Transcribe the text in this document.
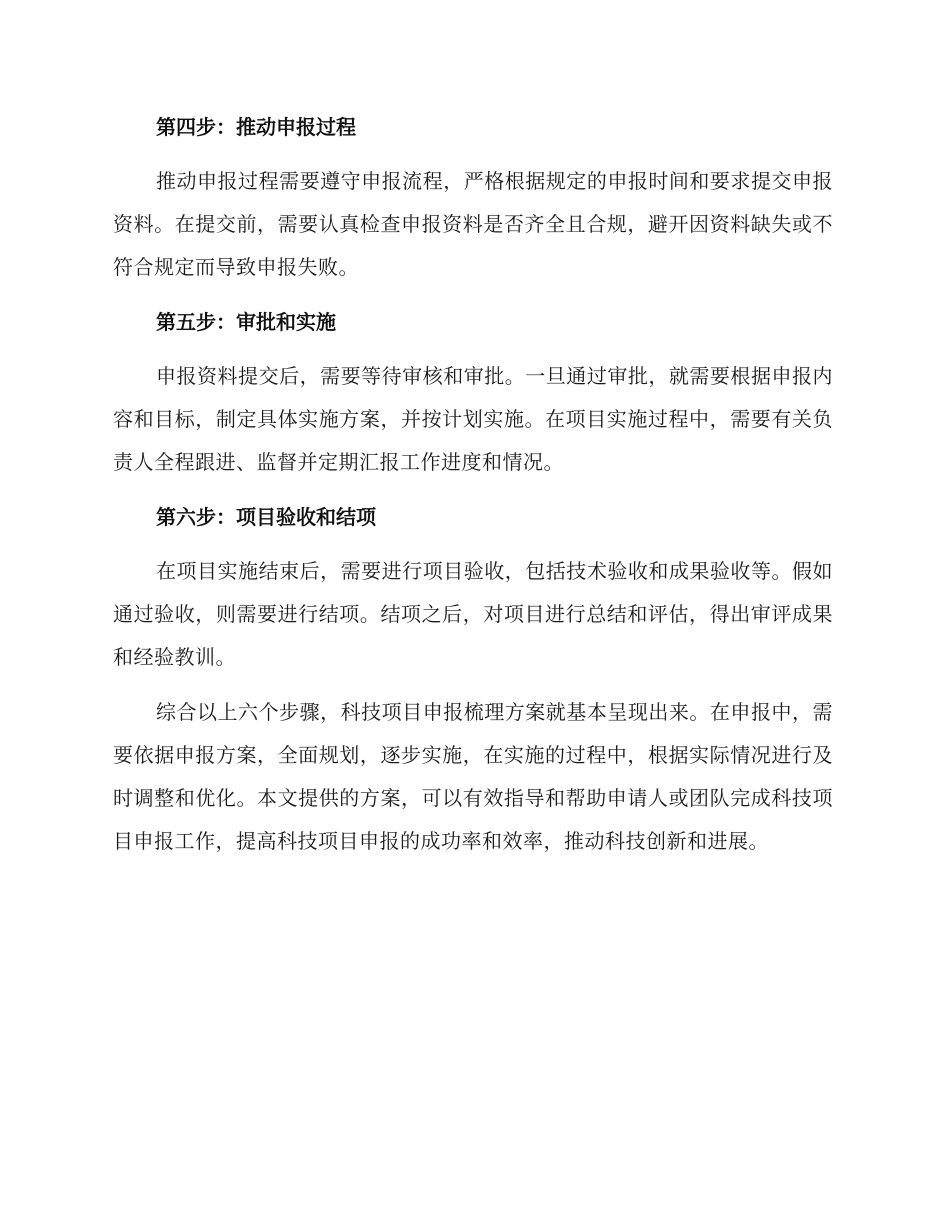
第四步：推动申报过程

推动申报过程需要遵守申报流程，严格根据规定的申报时间和要求提交申报资料。在提交前，需要认真检查申报资料是否齐全且合规，避开因资料缺失或不符合规定而导致申报失败。

第五步：审批和实施

申报资料提交后，需要等待审核和审批。一旦通过审批，就需要根据申报内容和目标，制定具体实施方案，并按计划实施。在项目实施过程中，需要有关负责人全程跟进、监督并定期汇报工作进度和情况。

第六步：项目验收和结项

在项目实施结束后，需要进行项目验收，包括技术验收和成果验收等。假如通过验收，则需要进行结项。结项之后，对项目进行总结和评估，得出审评成果和经验教训。

综合以上六个步骤，科技项目申报梳理方案就基本呈现出来。在申报中，需要依据申报方案，全面规划，逐步实施，在实施的过程中，根据实际情况进行及时调整和优化。本文提供的方案，可以有效指导和帮助申请人或团队完成科技项目申报工作，提高科技项目申报的成功率和效率，推动科技创新和进展。
